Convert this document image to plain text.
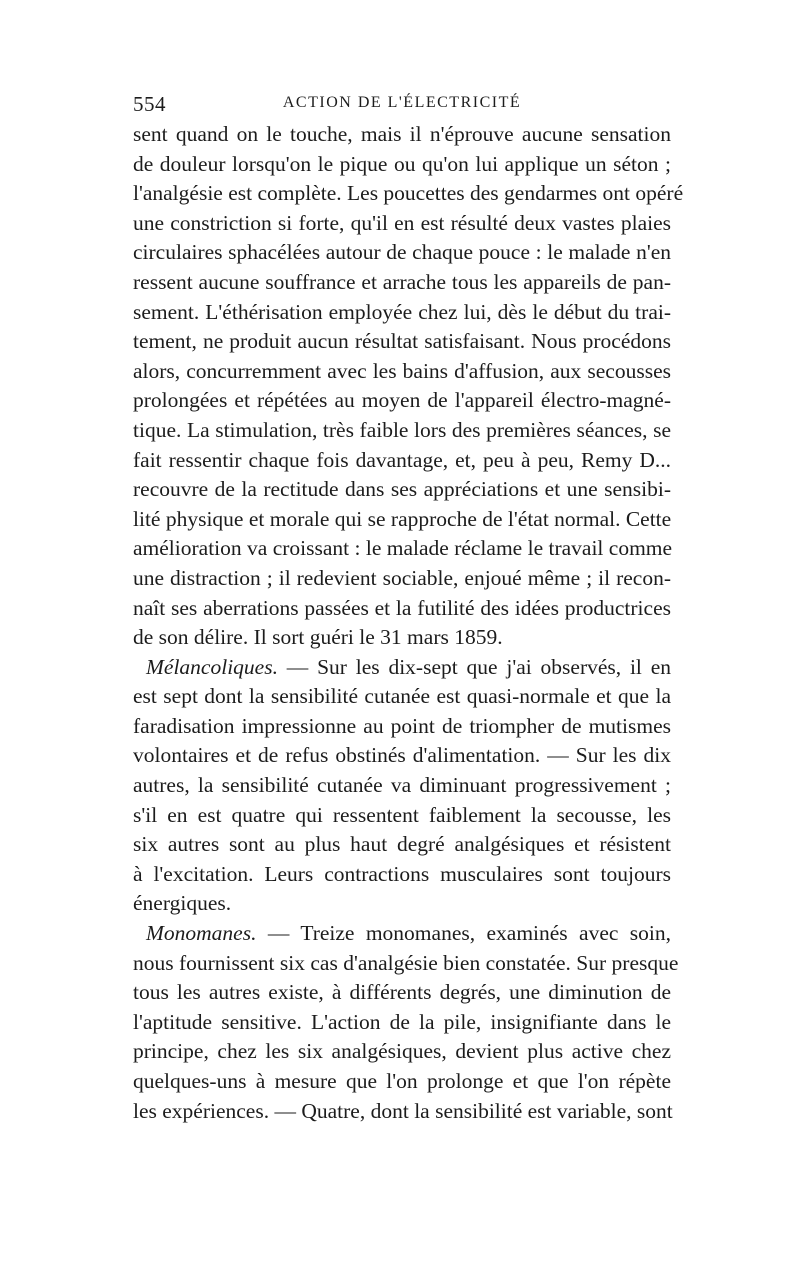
554	ACTION DE L'ÉLECTRICITÉ
sent quand on le touche, mais il n'éprouve aucune sensation
de douleur lorsqu'on le pique ou qu'on lui applique un séton ;
l'analgésie est complète. Les poucettes des gendarmes ont opéré
une constriction si forte, qu'il en est résulté deux vastes plaies
circulaires sphacélées autour de chaque pouce : le malade n'en
ressent aucune souffrance et arrache tous les appareils de pan-
sement. L'éthérisation employée chez lui, dès le début du trai-
tement, ne produit aucun résultat satisfaisant. Nous procédons
alors, concurremment avec les bains d'affusion, aux secousses
prolongées et répétées au moyen de l'appareil électro-magné-
tique. La stimulation, très faible lors des premières séances, se
fait ressentir chaque fois davantage, et, peu à peu, Remy D...
recouvre de la rectitude dans ses appréciations et une sensibi-
lité physique et morale qui se rapproche de l'état normal. Cette
amélioration va croissant : le malade réclame le travail comme
une distraction ; il redevient sociable, enjoué même ; il recon-
naît ses aberrations passées et la futilité des idées productrices
de son délire. Il sort guéri le 31 mars 1859.
Mélancoliques. — Sur les dix-sept que j'ai observés, il en
est sept dont la sensibilité cutanée est quasi-normale et que la
faradisation impressionne au point de triompher de mutismes
volontaires et de refus obstinés d'alimentation. — Sur les dix
autres, la sensibilité cutanée va diminuant progressivement ;
s'il en est quatre qui ressentent faiblement la secousse, les
six autres sont au plus haut degré analgésiques et résistent
à l'excitation. Leurs contractions musculaires sont toujours
énergiques.
Monomanes. — Treize monomanes, examinés avec soin,
nous fournissent six cas d'analgésie bien constatée. Sur presque
tous les autres existe, à différents degrés, une diminution de
l'aptitude sensitive. L'action de la pile, insignifiante dans le
principe, chez les six analgésiques, devient plus active chez
quelques-uns à mesure que l'on prolonge et que l'on répète
les expériences. — Quatre, dont la sensibilité est variable, sont
